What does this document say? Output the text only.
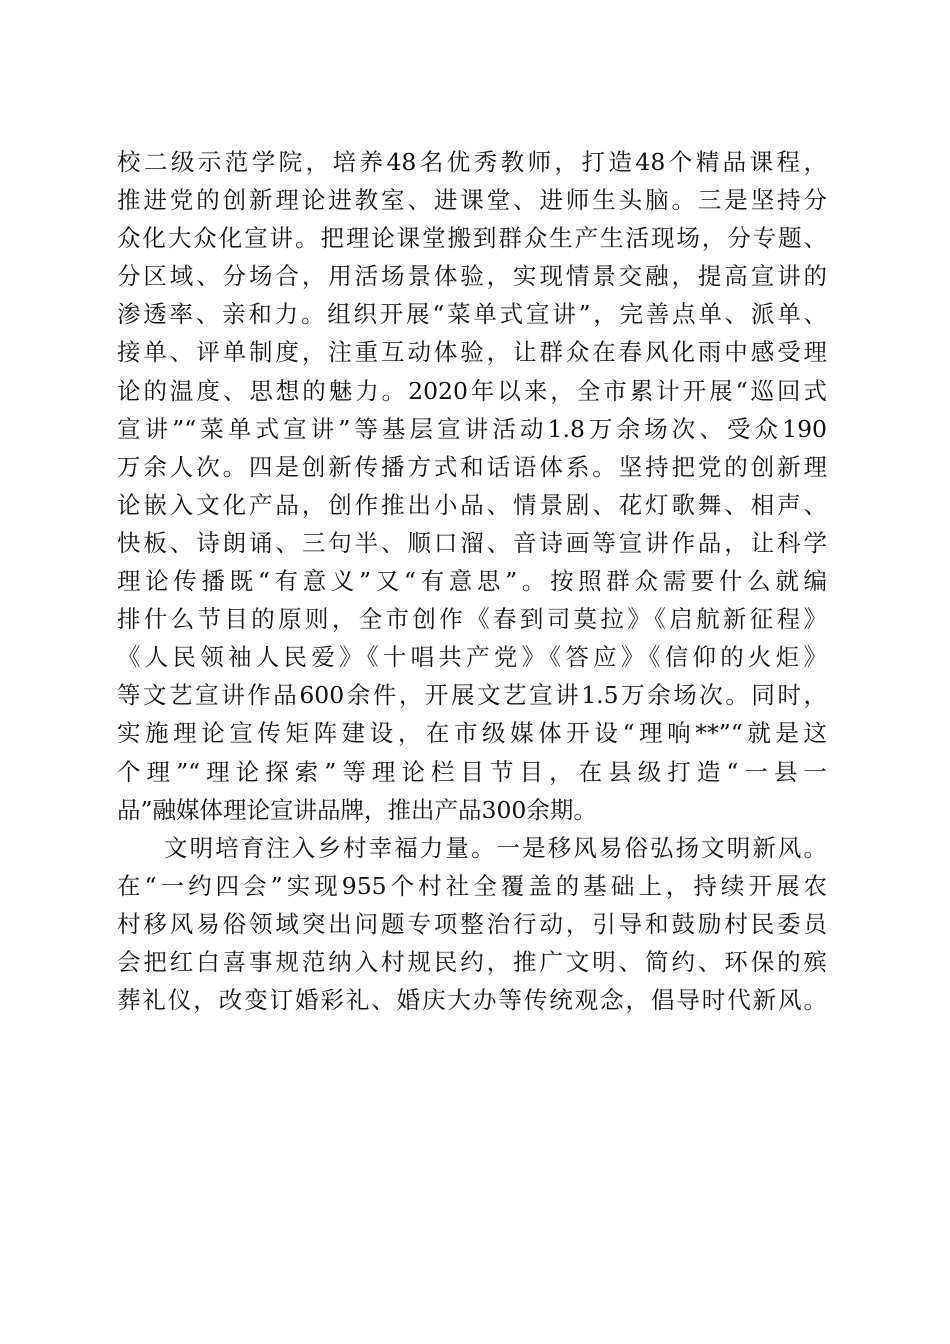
校二级示范学院，培养48名优秀教师，打造48个精品课程，
推进党的创新理论进教室、进课堂、进师生头脑。三是坚持分
众化大众化宣讲。把理论课堂搬到群众生产生活现场，分专题、
分区域、分场合，用活场景体验，实现情景交融，提高宣讲的
渗透率、亲和力。组织开展“菜单式宣讲”，完善点单、派单、
接单、评单制度，注重互动体验，让群众在春风化雨中感受理
论的温度、思想的魅力。2020年以来，全市累计开展“巡回式
宣讲”“菜单式宣讲”等基层宣讲活动1.8万余场次、受众190
万余人次。四是创新传播方式和话语体系。坚持把党的创新理
论嵌入文化产品，创作推出小品、情景剧、花灯歌舞、相声、
快板、诗朗诵、三句半、顺口溜、音诗画等宣讲作品，让科学
理论传播既“有意义”又“有意思”。按照群众需要什么就编
排什么节目的原则，全市创作《春到司莫拉》《启航新征程》
《人民领袖人民爱》《十唱共产党》《答应》《信仰的火炬》
等文艺宣讲作品600余件，开展文艺宣讲1.5万余场次。同时，
实施理论宣传矩阵建设，在市级媒体开设“理响**”“就是这
个理”“理论探索”等理论栏目节目，在县级打造“一县一
品”融媒体理论宣讲品牌，推出产品300余期。
文明培育注入乡村幸福力量。一是移风易俗弘扬文明新风。
在“一约四会”实现955个村社全覆盖的基础上，持续开展农
村移风易俗领域突出问题专项整治行动，引导和鼓励村民委员
会把红白喜事规范纳入村规民约，推广文明、简约、环保的殡
葬礼仪，改变订婚彩礼、婚庆大办等传统观念，倡导时代新风。
